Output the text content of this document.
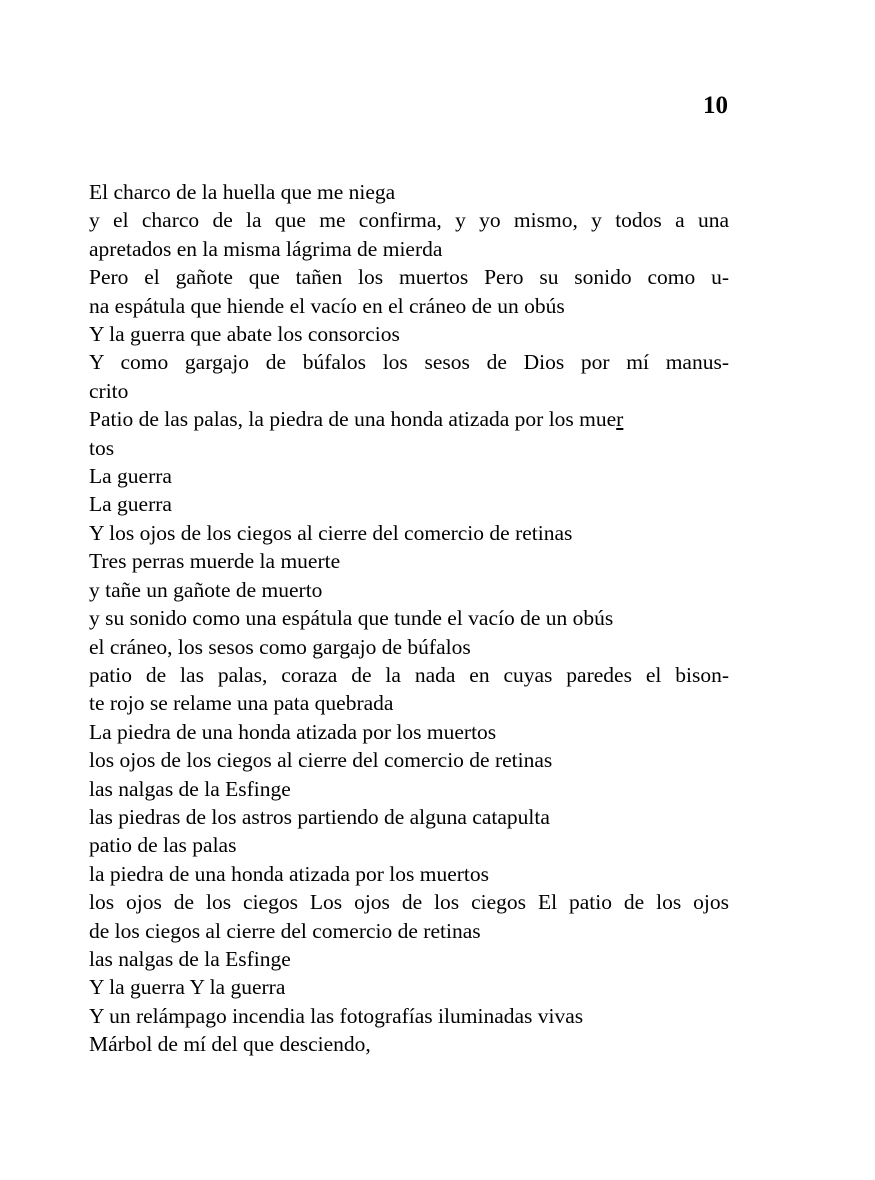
10

El charco de la huella que me niega
y el charco de la que me confirma, y yo mismo, y todos a una
apretados en la misma lágrima de mierda
Pero el gañote que tañen los muertos Pero su sonido como u-
na espátula que hiende el vacío en el cráneo de un obús
Y la guerra que abate los consorcios
Y como gargajo de búfalos los sesos de Dios por mí manus-
crito
Patio de las palas, la piedra de una honda atizada por los muer
tos
La guerra
La guerra
Y los ojos de los ciegos al cierre del comercio de retinas
Tres perras muerde la muerte
y tañe un gañote de muerto
y su sonido como una espátula que tunde el vacío de un obús
el cráneo, los sesos como gargajo de búfalos
patio de las palas, coraza de la nada en cuyas paredes el bison-
te rojo se relame una pata quebrada
La piedra de una honda atizada por los muertos
los ojos de los ciegos al cierre del comercio de retinas
las nalgas de la Esfinge
las piedras de los astros partiendo de alguna catapulta
patio de las palas
la piedra de una honda atizada por los muertos
los ojos de los ciegos Los ojos de los ciegos El patio de los ojos
de los ciegos al cierre del comercio de retinas
las nalgas de la Esfinge
Y la guerra Y la guerra
Y un relámpago incendia las fotografías iluminadas vivas
Márbol de mí del que desciendo,
